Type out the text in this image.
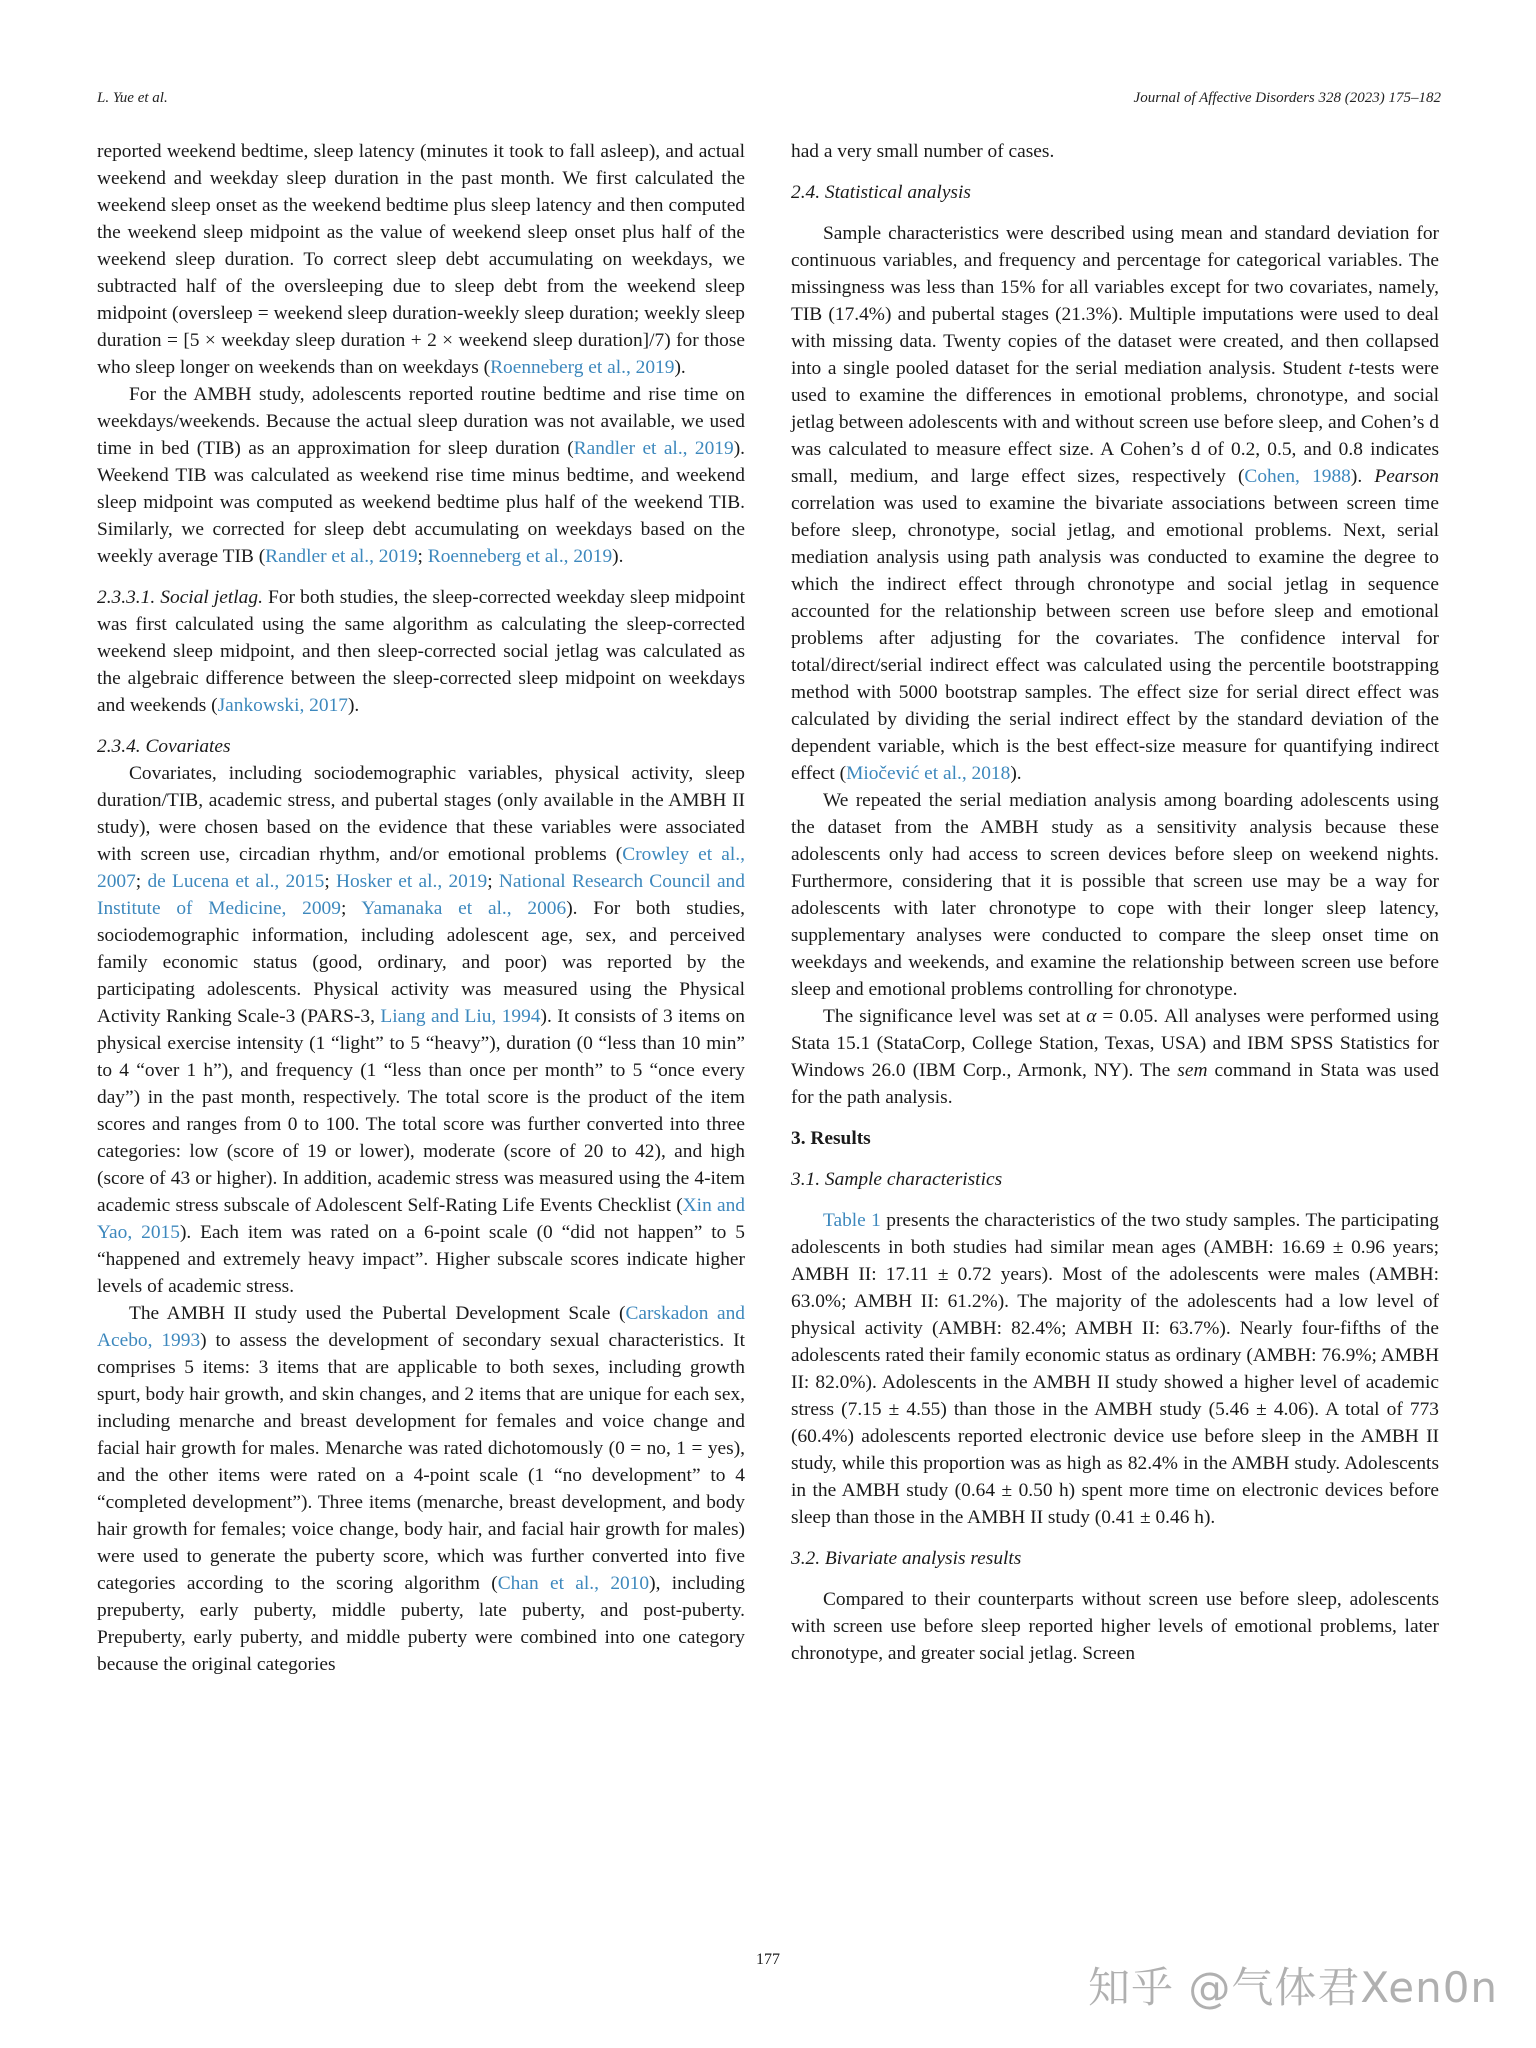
L. Yue et al.	Journal of Affective Disorders 328 (2023) 175–182

reported weekend bedtime, sleep latency (minutes it took to fall asleep), and actual weekend and weekday sleep duration in the past month. We first calculated the weekend sleep onset as the weekend bedtime plus sleep latency and then computed the weekend sleep midpoint as the value of weekend sleep onset plus half of the weekend sleep duration. To correct sleep debt accumulating on weekdays, we subtracted half of the oversleeping due to sleep debt from the weekend sleep midpoint (oversleep = weekend sleep duration-weekly sleep duration; weekly sleep duration = [5 × weekday sleep duration + 2 × weekend sleep duration]/7) for those who sleep longer on weekends than on weekdays (Roenneberg et al., 2019).

For the AMBH study, adolescents reported routine bedtime and rise time on weekdays/weekends. Because the actual sleep duration was not available, we used time in bed (TIB) as an approximation for sleep duration (Randler et al., 2019). Weekend TIB was calculated as weekend rise time minus bedtime, and weekend sleep midpoint was computed as weekend bedtime plus half of the weekend TIB. Similarly, we corrected for sleep debt accumulating on weekdays based on the weekly average TIB (Randler et al., 2019; Roenneberg et al., 2019).

2.3.3.1. Social jetlag. For both studies, the sleep-corrected weekday sleep midpoint was first calculated using the same algorithm as calculating the sleep-corrected weekend sleep midpoint, and then sleep-corrected social jetlag was calculated as the algebraic difference between the sleep-corrected sleep midpoint on weekdays and weekends (Jankowski, 2017).

2.3.4. Covariates

Covariates, including sociodemographic variables, physical activity, sleep duration/TIB, academic stress, and pubertal stages (only available in the AMBH II study), were chosen based on the evidence that these variables were associated with screen use, circadian rhythm, and/or emotional problems (Crowley et al., 2007; de Lucena et al., 2015; Hosker et al., 2019; National Research Council and Institute of Medicine, 2009; Yamanaka et al., 2006). For both studies, sociodemographic information, including adolescent age, sex, and perceived family economic status (good, ordinary, and poor) was reported by the participating adolescents. Physical activity was measured using the Physical Activity Ranking Scale-3 (PARS-3, Liang and Liu, 1994). It consists of 3 items on physical exercise intensity (1 “light” to 5 “heavy”), duration (0 “less than 10 min” to 4 “over 1 h”), and frequency (1 “less than once per month” to 5 “once every day”) in the past month, respectively. The total score is the product of the item scores and ranges from 0 to 100. The total score was further converted into three categories: low (score of 19 or lower), moderate (score of 20 to 42), and high (score of 43 or higher). In addition, academic stress was measured using the 4-item academic stress subscale of Adolescent Self-Rating Life Events Checklist (Xin and Yao, 2015). Each item was rated on a 6-point scale (0 “did not happen” to 5 “happened and extremely heavy impact”. Higher subscale scores indicate higher levels of academic stress.

The AMBH II study used the Pubertal Development Scale (Carskadon and Acebo, 1993) to assess the development of secondary sexual characteristics. It comprises 5 items: 3 items that are applicable to both sexes, including growth spurt, body hair growth, and skin changes, and 2 items that are unique for each sex, including menarche and breast development for females and voice change and facial hair growth for males. Menarche was rated dichotomously (0 = no, 1 = yes), and the other items were rated on a 4-point scale (1 “no development” to 4 “completed development”). Three items (menarche, breast development, and body hair growth for females; voice change, body hair, and facial hair growth for males) were used to generate the puberty score, which was further converted into five categories according to the scoring algorithm (Chan et al., 2010), including prepuberty, early puberty, middle puberty, late puberty, and post-puberty. Prepuberty, early puberty, and middle puberty were combined into one category because the original categories

had a very small number of cases.

2.4. Statistical analysis

Sample characteristics were described using mean and standard deviation for continuous variables, and frequency and percentage for categorical variables. The missingness was less than 15% for all variables except for two covariates, namely, TIB (17.4%) and pubertal stages (21.3%). Multiple imputations were used to deal with missing data. Twenty copies of the dataset were created, and then collapsed into a single pooled dataset for the serial mediation analysis. Student t-tests were used to examine the differences in emotional problems, chronotype, and social jetlag between adolescents with and without screen use before sleep, and Cohen’s d was calculated to measure effect size. A Cohen’s d of 0.2, 0.5, and 0.8 indicates small, medium, and large effect sizes, respectively (Cohen, 1988). Pearson correlation was used to examine the bivariate associations between screen time before sleep, chronotype, social jetlag, and emotional problems. Next, serial mediation analysis using path analysis was conducted to examine the degree to which the indirect effect through chronotype and social jetlag in sequence accounted for the relationship between screen use before sleep and emotional problems after adjusting for the covariates. The confidence interval for total/direct/serial indirect effect was calculated using the percentile bootstrapping method with 5000 bootstrap samples. The effect size for serial direct effect was calculated by dividing the serial indirect effect by the standard deviation of the dependent variable, which is the best effect-size measure for quantifying indirect effect (Miočević et al., 2018).

We repeated the serial mediation analysis among boarding adolescents using the dataset from the AMBH study as a sensitivity analysis because these adolescents only had access to screen devices before sleep on weekend nights. Furthermore, considering that it is possible that screen use may be a way for adolescents with later chronotype to cope with their longer sleep latency, supplementary analyses were conducted to compare the sleep onset time on weekdays and weekends, and examine the relationship between screen use before sleep and emotional problems controlling for chronotype.

The significance level was set at α = 0.05. All analyses were performed using Stata 15.1 (StataCorp, College Station, Texas, USA) and IBM SPSS Statistics for Windows 26.0 (IBM Corp., Armonk, NY). The sem command in Stata was used for the path analysis.

3. Results
3.1. Sample characteristics

Table 1 presents the characteristics of the two study samples. The participating adolescents in both studies had similar mean ages (AMBH: 16.69 ± 0.96 years; AMBH II: 17.11 ± 0.72 years). Most of the adolescents were males (AMBH: 63.0%; AMBH II: 61.2%). The majority of the adolescents had a low level of physical activity (AMBH: 82.4%; AMBH II: 63.7%). Nearly four-fifths of the adolescents rated their family economic status as ordinary (AMBH: 76.9%; AMBH II: 82.0%). Adolescents in the AMBH II study showed a higher level of academic stress (7.15 ± 4.55) than those in the AMBH study (5.46 ± 4.06). A total of 773 (60.4%) adolescents reported electronic device use before sleep in the AMBH II study, while this proportion was as high as 82.4% in the AMBH study. Adolescents in the AMBH study (0.64 ± 0.50 h) spent more time on electronic devices before sleep than those in the AMBH II study (0.41 ± 0.46 h).

3.2. Bivariate analysis results

Compared to their counterparts without screen use before sleep, adolescents with screen use before sleep reported higher levels of emotional problems, later chronotype, and greater social jetlag. Screen

177
知乎 @气体君Xen0n
